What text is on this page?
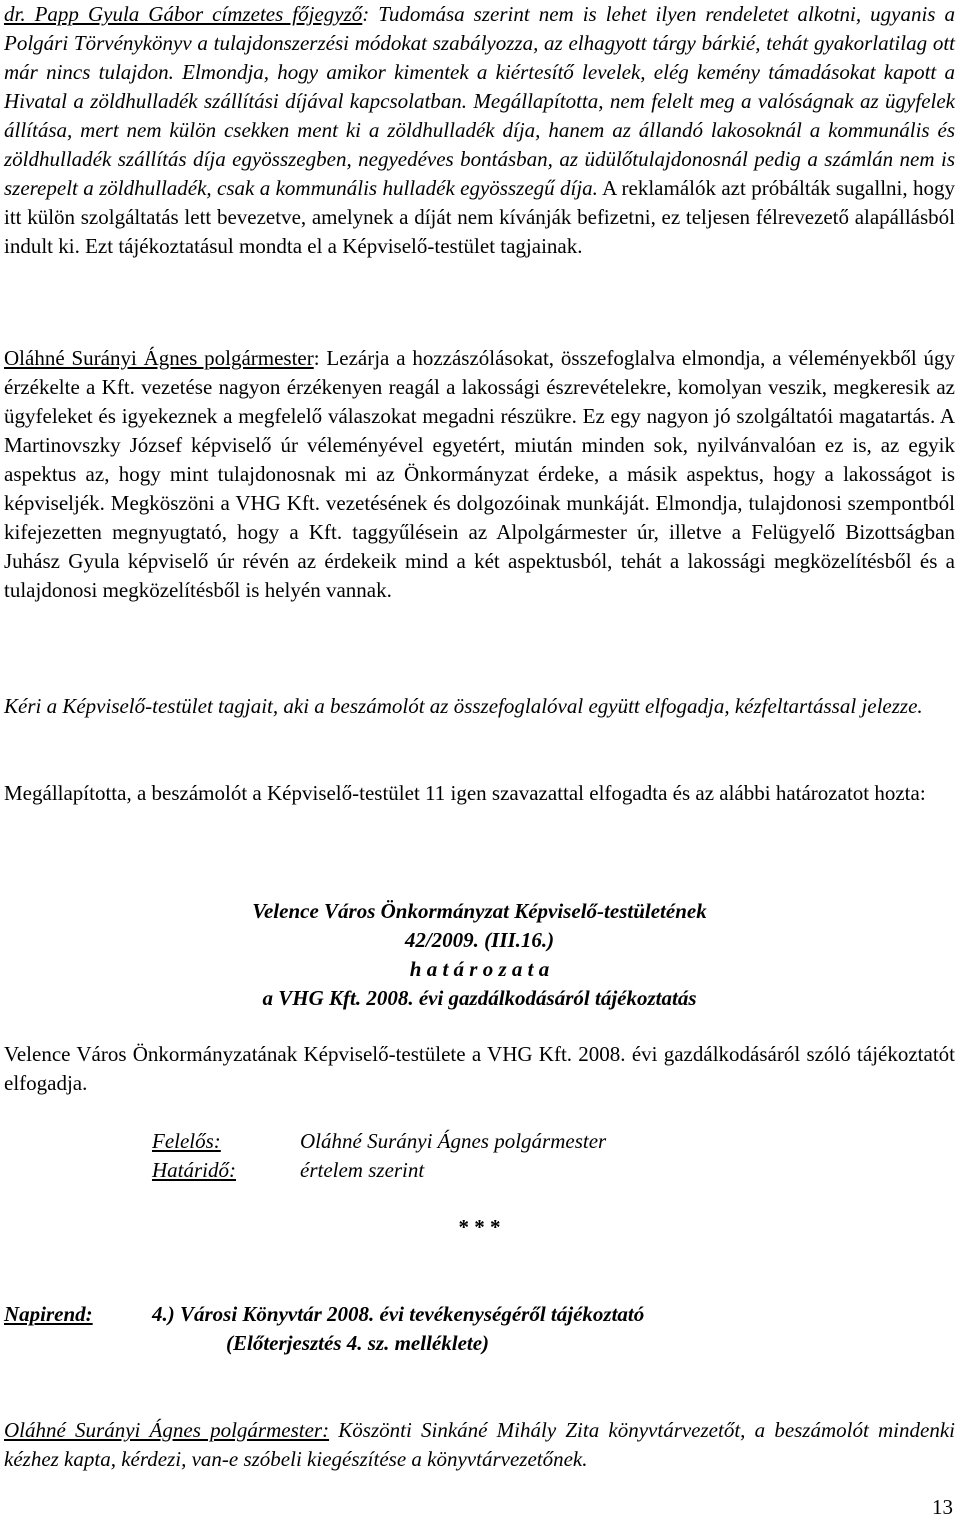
dr. Papp Gyula Gábor címzetes főjegyző: Tudomása szerint nem is lehet ilyen rendeletet alkotni, ugyanis a Polgári Törvénykönyv a tulajdonszerzési módokat szabályozza, az elhagyott tárgy bárkié, tehát gyakorlatilag ott már nincs tulajdon. Elmondja, hogy amikor kimentek a kiértesítő levelek, elég kemény támadásokat kapott a Hivatal a zöldhulladék szállítási díjával kapcsolatban. Megállapította, nem felelt meg a valóságnak az ügyfelek állítása, mert nem külön csekken ment ki a zöldhulladék díja, hanem az állandó lakosoknál a kommunális és zöldhulladék szállítás díja egyösszegben, negyedéves bontásban, az üdülőtulajdonosnál pedig a számlán nem is szerepelt a zöldhulladék, csak a kommunális hulladék egyösszegű díja. A reklamálók azt próbálták sugallni, hogy itt külön szolgáltatás lett bevezetve, amelynek a díját nem kívánják befizetni, ez teljesen félrevezető alapállásból indult ki. Ezt tájékoztatásul mondta el a Képviselő-testület tagjainak.

Oláhné Surányi Ágnes polgármester: Lezárja a hozzászólásokat, összefoglalva elmondja, a véleményekből úgy érzékelte a Kft. vezetése nagyon érzékenyen reagál a lakossági észrevételekre, komolyan veszik, megkeresik az ügyfeleket és igyekeznek a megfelelő válaszokat megadni részükre. Ez egy nagyon jó szolgáltatói magatartás. A Martinovszky József képviselő úr véleményével egyetért, miután minden sok, nyilvánvalóan ez is, az egyik aspektus az, hogy mint tulajdonosnak mi az Önkormányzat érdeke, a másik aspektus, hogy a lakosságot is képviseljék. Megköszöni a VHG Kft. vezetésének és dolgozóinak munkáját. Elmondja, tulajdonosi szempontból kifejezetten megnyugtató, hogy a Kft. taggyűlésein az Alpolgármester úr, illetve a Felügyelő Bizottságban Juhász Gyula képviselő úr révén az érdekeik mind a két aspektusból, tehát a lakossági megközelítésből és a tulajdonosi megközelítésből is helyén vannak.

Kéri a Képviselő-testület tagjait, aki a beszámolót az összefoglalóval együtt elfogadja, kézfeltartással jelezze.

Megállapította, a beszámolót a Képviselő-testület 11 igen szavazattal elfogadta és az alábbi határozatot hozta:

Velence Város Önkormányzat Képviselő-testületének
42/2009. (III.16.)
h a t á r o z a t a
a VHG Kft. 2008. évi gazdálkodásáról tájékoztatás

Velence Város Önkormányzatának Képviselő-testülete a VHG Kft. 2008. évi gazdálkodásáról szóló tájékoztatót elfogadja.

Felelős:	Oláhné Surányi Ágnes polgármester
Határidő:	értelem szerint
* * *
Napirend:	4.) Városi Könyvtár 2008. évi tevékenységéről tájékoztató
(Előterjesztés 4. sz. melléklete)

Oláhné Surányi Ágnes polgármester: Köszönti Sinkáné Mihály Zita könyvtárvezetőt, a beszámolót mindenki kézhez kapta, kérdezi, van-e szóbeli kiegészítése a könyvtárvezetőnek.

13
